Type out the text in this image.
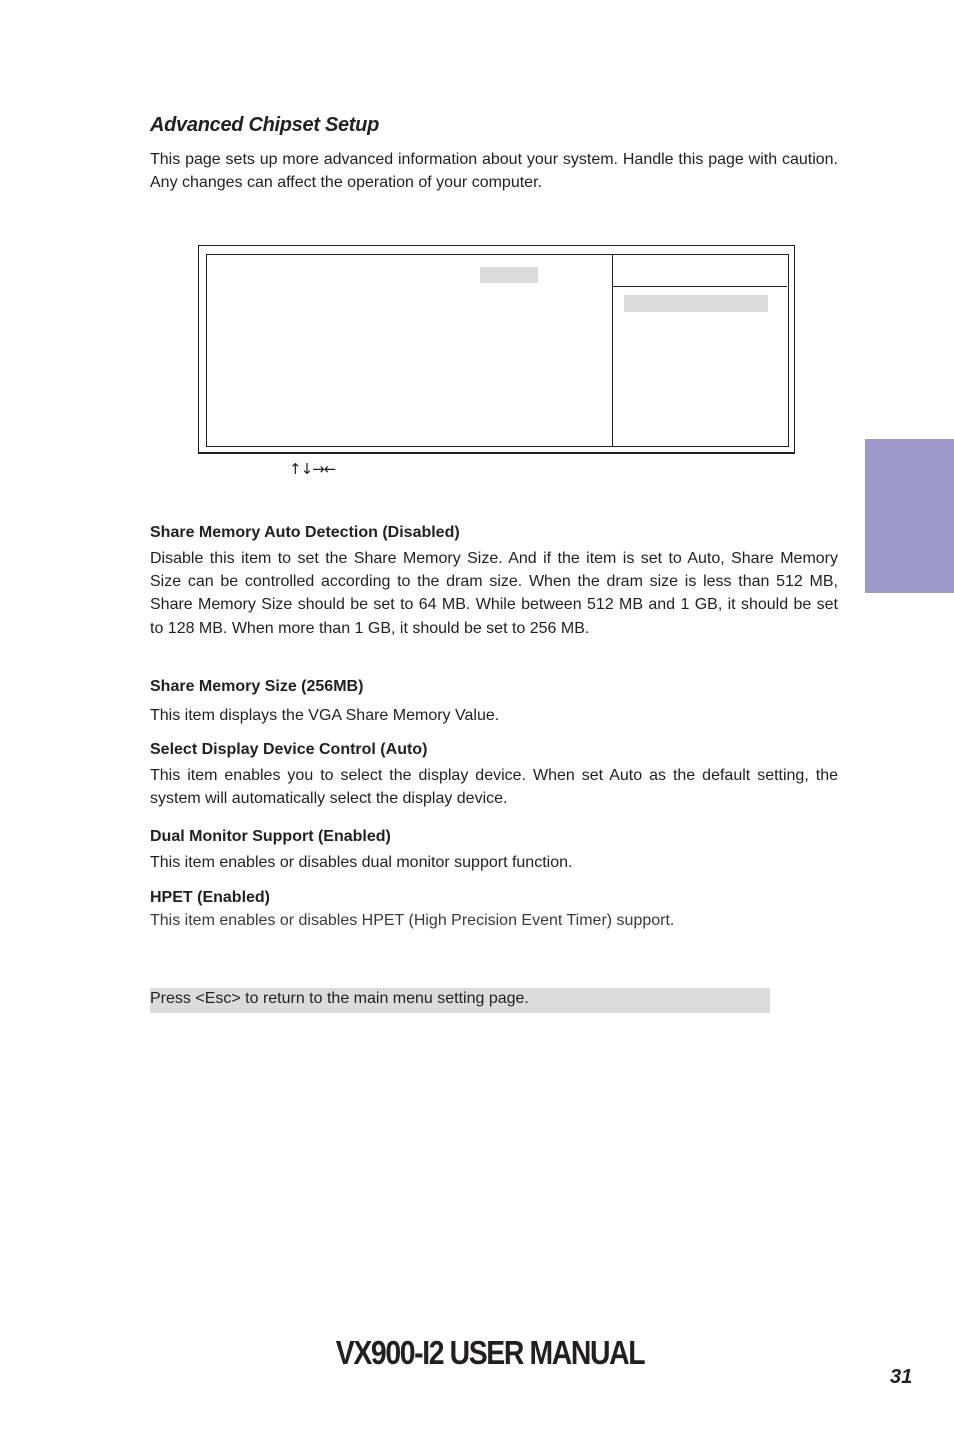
Advanced Chipset Setup
This page sets up more advanced information about your system. Handle this page with caution. Any changes can affect the operation of your computer.
↑↓→←
Share Memory Auto Detection (Disabled)
Disable this item to set the Share Memory Size. And if the item is set to Auto, Share Memory Size can be controlled according to the dram size. When the dram size is less than 512 MB, Share Memory Size should be set to 64 MB. While between 512 MB and 1 GB, it should be set to 128 MB. When more than 1 GB, it should be set to 256 MB.
Share Memory Size (256MB)
This item displays the VGA Share Memory Value.
Select Display Device Control (Auto)
This item enables you to select the display device. When set Auto as the default setting, the system will automatically select the display device.
Dual Monitor Support (Enabled)
This item enables or disables dual monitor support function.
HPET (Enabled)
This item enables or disables HPET (High Precision Event Timer) support.
Press <Esc> to return to the main menu setting page.
VX900-I2 USER MANUAL
31
